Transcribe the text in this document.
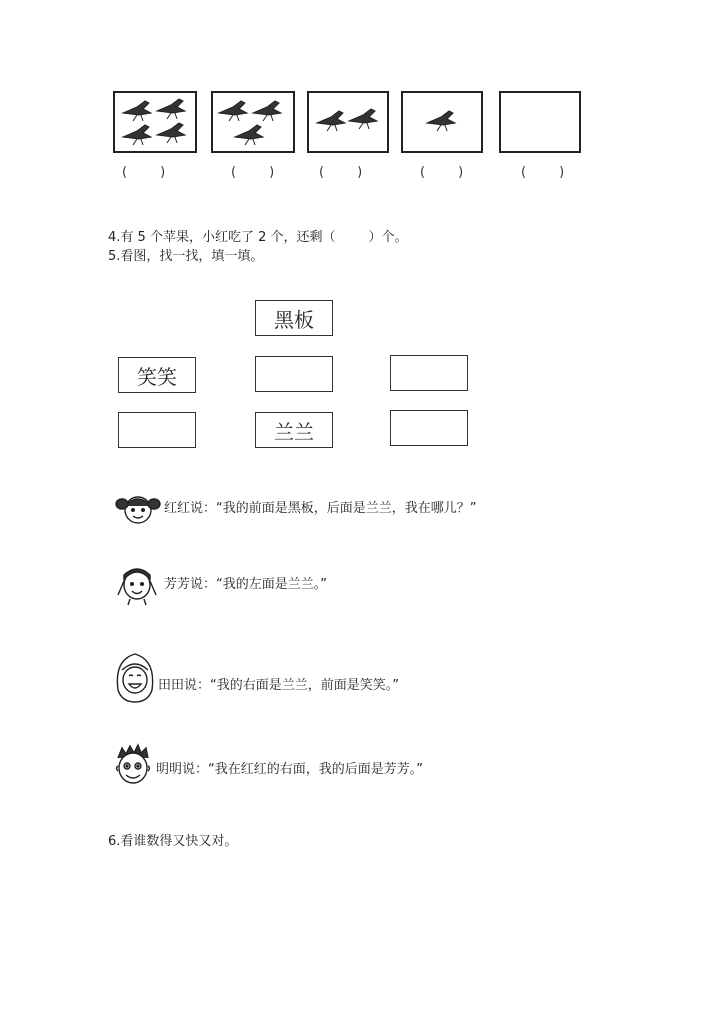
(        )	(        )	(        )	(        )	(        )
4.有 5 个苹果，小红吃了 2 个，还剩（        ）个。
5.看图，找一找，填一填。
黑板
笑笑
兰兰
红红说：“我的前面是黑板，后面是兰兰，我在哪儿？”
芳芳说：“我的左面是兰兰。”
田田说：“我的右面是兰兰，前面是笑笑。”
明明说：“我在红红的右面，我的后面是芳芳。”
6.看谁数得又快又对。
